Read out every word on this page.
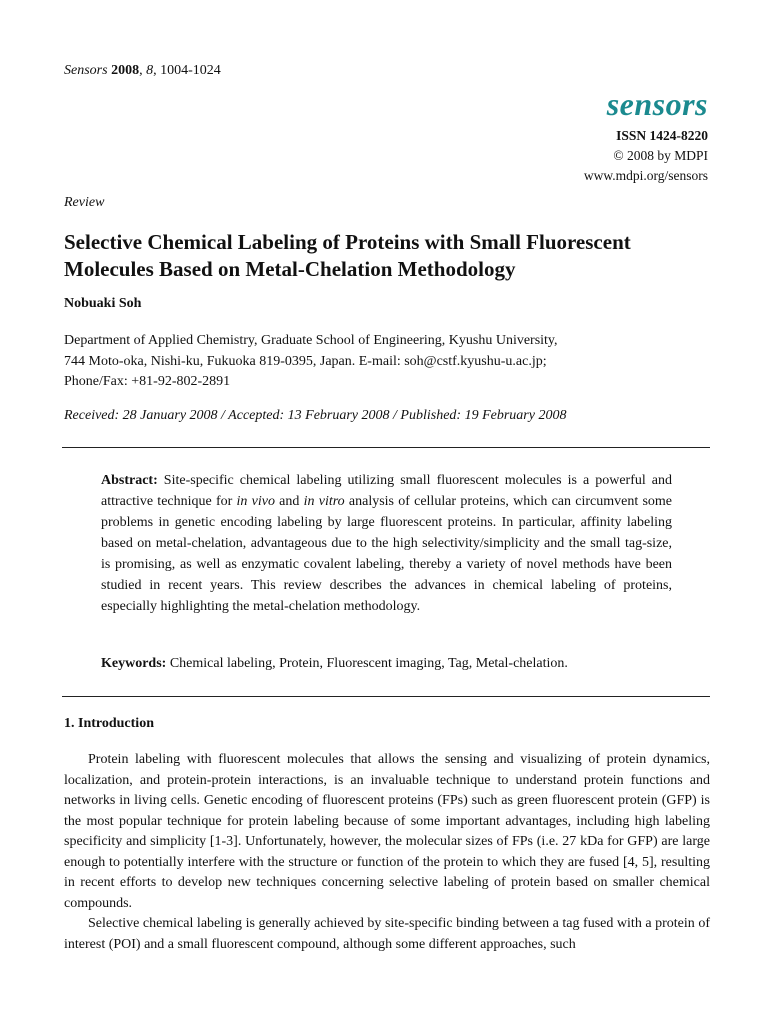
Sensors 2008, 8, 1004-1024
sensors
ISSN 1424-8220
© 2008 by MDPI
www.mdpi.org/sensors
Review
Selective Chemical Labeling of Proteins with Small Fluorescent Molecules Based on Metal-Chelation Methodology
Nobuaki Soh
Department of Applied Chemistry, Graduate School of Engineering, Kyushu University,
744 Moto-oka, Nishi-ku, Fukuoka 819-0395, Japan. E-mail: soh@cstf.kyushu-u.ac.jp;
Phone/Fax: +81-92-802-2891
Received: 28 January 2008 / Accepted: 13 February 2008 / Published: 19 February 2008
Abstract: Site-specific chemical labeling utilizing small fluorescent molecules is a powerful and attractive technique for in vivo and in vitro analysis of cellular proteins, which can circumvent some problems in genetic encoding labeling by large fluorescent proteins. In particular, affinity labeling based on metal-chelation, advantageous due to the high selectivity/simplicity and the small tag-size, is promising, as well as enzymatic covalent labeling, thereby a variety of novel methods have been studied in recent years. This review describes the advances in chemical labeling of proteins, especially highlighting the metal-chelation methodology.
Keywords: Chemical labeling, Protein, Fluorescent imaging, Tag, Metal-chelation.
1. Introduction

Protein labeling with fluorescent molecules that allows the sensing and visualizing of protein dynamics, localization, and protein-protein interactions, is an invaluable technique to understand protein functions and networks in living cells. Genetic encoding of fluorescent proteins (FPs) such as green fluorescent protein (GFP) is the most popular technique for protein labeling because of some important advantages, including high labeling specificity and simplicity [1-3]. Unfortunately, however, the molecular sizes of FPs (i.e. 27 kDa for GFP) are large enough to potentially interfere with the structure or function of the protein to which they are fused [4, 5], resulting in recent efforts to develop new techniques concerning selective labeling of protein based on smaller chemical compounds.

Selective chemical labeling is generally achieved by site-specific binding between a tag fused with a protein of interest (POI) and a small fluorescent compound, although some different approaches, such
